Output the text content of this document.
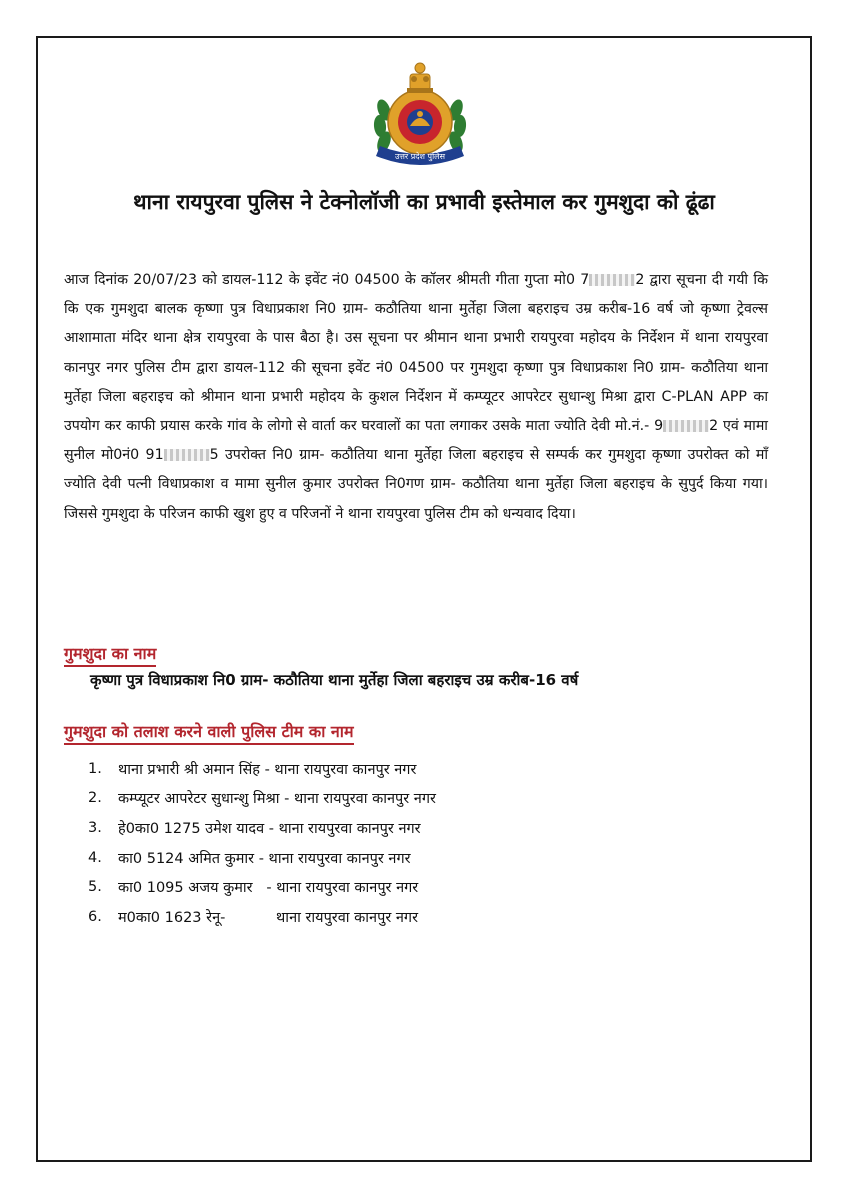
उत्तर प्रदेश पुलिस
थाना रायपुरवा पुलिस ने टेक्नोलॉजी का प्रभावी इस्तेमाल कर गुमशुदा को ढूंढा

आज दिनांक 20/07/23 को डायल-112 के इवेंट नं0 04500 के कॉलर श्रीमती गीता गुप्ता मो0 7	2 द्वारा सूचना दी गयी कि कि एक गुमशुदा बालक कृष्णा पुत्र विधाप्रकाश नि0 ग्राम- कठौतिया थाना मुर्तेहा जिला बहराइच उम्र करीब-16 वर्ष जो कृष्णा ट्रेवल्स आशामाता मंदिर थाना क्षेत्र रायपुरवा के पास बैठा है। उस सूचना पर श्रीमान थाना प्रभारी रायपुरवा महोदय के निर्देशन में थाना रायपुरवा कानपुर नगर पुलिस टीम द्वारा डायल-112 की सूचना इवेंट नं0 04500 पर गुमशुदा कृष्णा पुत्र विधाप्रकाश नि0 ग्राम- कठौतिया थाना मुर्तेहा जिला बहराइच को श्रीमान थाना प्रभारी महोदय के कुशल निर्देशन में कम्प्यूटर आपरेटर सुधान्शु मिश्रा द्वारा C-PLAN APP का उपयोग कर काफी प्रयास करके गांव के लोगो से वार्ता कर घरवालों का पता लगाकर उसके माता ज्योति देवी मो.नं.- 9	2 एवं मामा सुनील मो0नं0 91	5 उपरोक्त नि0 ग्राम- कठौतिया थाना मुर्तेहा जिला बहराइच से सम्पर्क कर गुमशुदा कृष्णा उपरोक्त को माँ ज्योति देवी पत्नी विधाप्रकाश व मामा सुनील कुमार उपरोक्त नि0गण ग्राम- कठौतिया थाना मुर्तेहा जिला बहराइच के सुपुर्द किया गया। जिससे गुमशुदा के परिजन काफी खुश हुए व परिजनों ने थाना रायपुरवा पुलिस टीम को धन्यवाद दिया।

गुमशुदा का नाम

कृष्णा पुत्र विधाप्रकाश नि0 ग्राम- कठौतिया थाना मुर्तेहा जिला बहराइच उम्र करीब-16 वर्ष

गुमशुदा को तलाश करने वाली पुलिस टीम का नाम
1.	थाना प्रभारी श्री अमान सिंह - थाना रायपुरवा कानपुर नगर
2.	कम्प्यूटर आपरेटर सुधान्शु मिश्रा - थाना रायपुरवा कानपुर नगर
3.	हे0का0 1275 उमेश यादव - थाना रायपुरवा कानपुर नगर
4.	का0 5124 अमित कुमार - थाना रायपुरवा कानपुर नगर
5.	का0 1095 अजय कुमार   - थाना रायपुरवा कानपुर नगर
6.	म0का0 1623 रेनू-           थाना रायपुरवा कानपुर नगर
